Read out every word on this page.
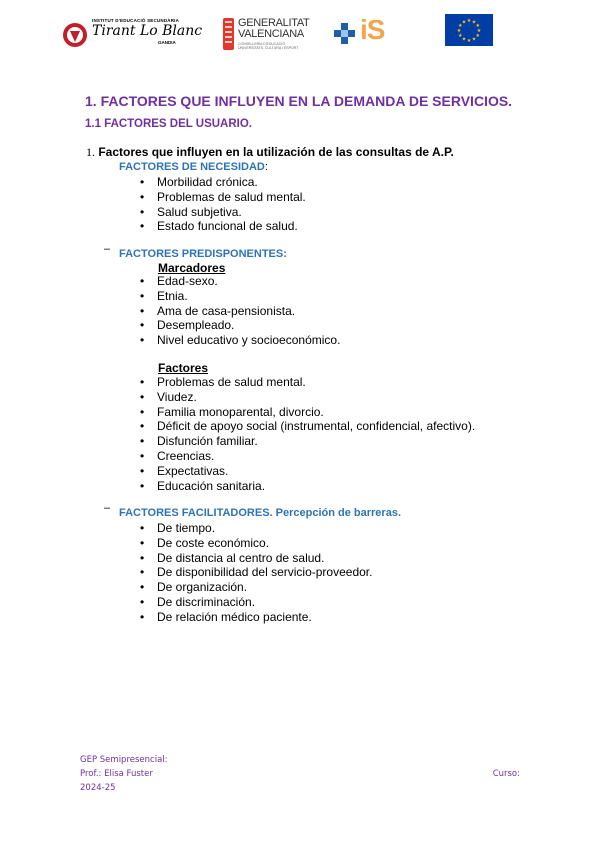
INSTITUT D'EDUCACIÓ SECUNDÀRIA
Tirant Lo Blanc
GANDIA
GENERALITAT
VALENCIANA
CONSELLERIA D'EDUCACIÓ, UNIVERSITATS, CULTURA I ESPORT
iS	★ ★
★
★
★
★
★
★
★
★
★
★
1. FACTORES QUE INFLUYEN EN LA DEMANDA DE SERVICIOS.
1.1 FACTORES DEL USUARIO.
1. Factores que influyen en la utilización de las consultas de A.P.
FACTORES DE NECESIDAD:
• Morbilidad crónica.
• Problemas de salud mental.
• Salud subjetiva.
• Estado funcional de salud.
– FACTORES PREDISPONENTES:
Marcadores
• Edad-sexo.
• Etnia.
• Ama de casa-pensionista.
• Desempleado.
• Nivel educativo y socioeconómico.
Factores
• Problemas de salud mental.
• Viudez.
• Familia monoparental, divorcio.
• Déficit de apoyo social (instrumental, confidencial, afectivo).
• Disfunción familiar.
• Creencias.
• Expectativas.
• Educación sanitaria.
– FACTORES FACILITADORES. Percepción de barreras.
• De tiempo.
• De coste económico.
• De distancia al centro de salud.
• De disponibilidad del servicio-proveedor.
• De organización.
• De discriminación.
• De relación médico paciente.
GEP Semipresencial:
Prof.: Elisa Fuster
2024-25
Curso:
